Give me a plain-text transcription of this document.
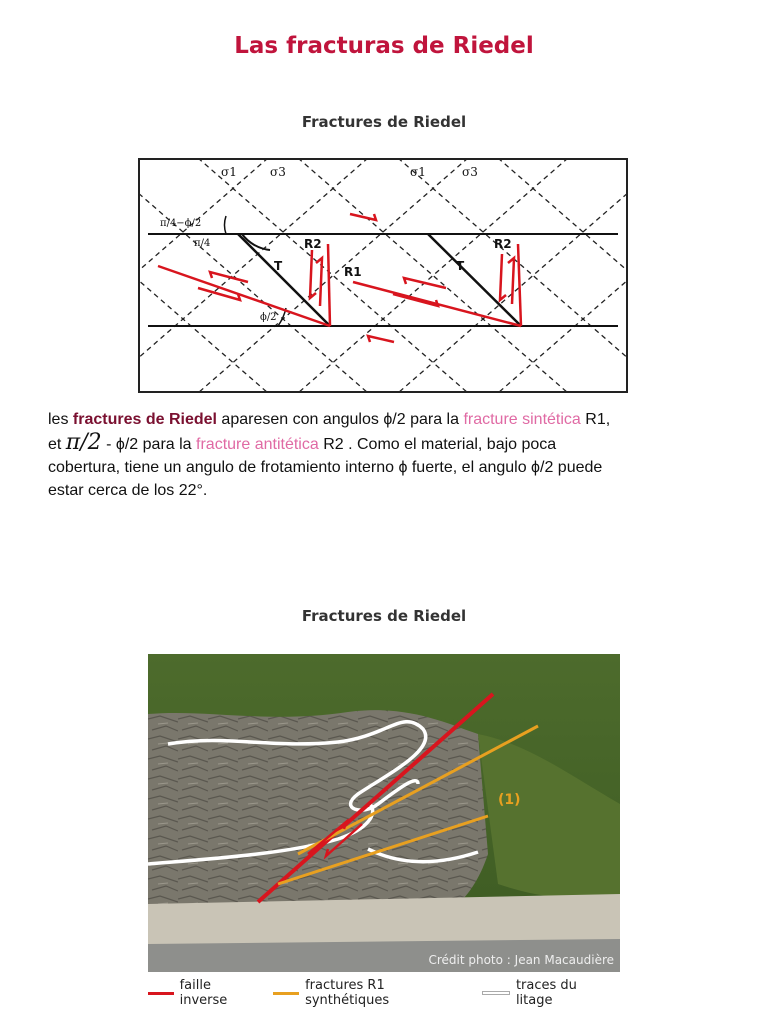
Las fracturas de Riedel
Fractures de Riedel
σ1	σ3	σ1	σ3
π/4−ϕ/2
π/4
ϕ/2
R2	R2
R1
T	T
les fractures de Riedel aparesen con angulos ϕ/2 para la fracture sintética R1,
et π/2 - ϕ/2 para la fracture antitética R2 . Como el material, bajo poca
cobertura, tiene un angulo de frotamiento interno ϕ fuerte, el angulo ϕ/2 puede
estar cerca de los 22°.
Fractures de Riedel
(1)
Crédit photo : Jean Macaudière
faille inverse
fractures R1 synthétiques
traces du litage
